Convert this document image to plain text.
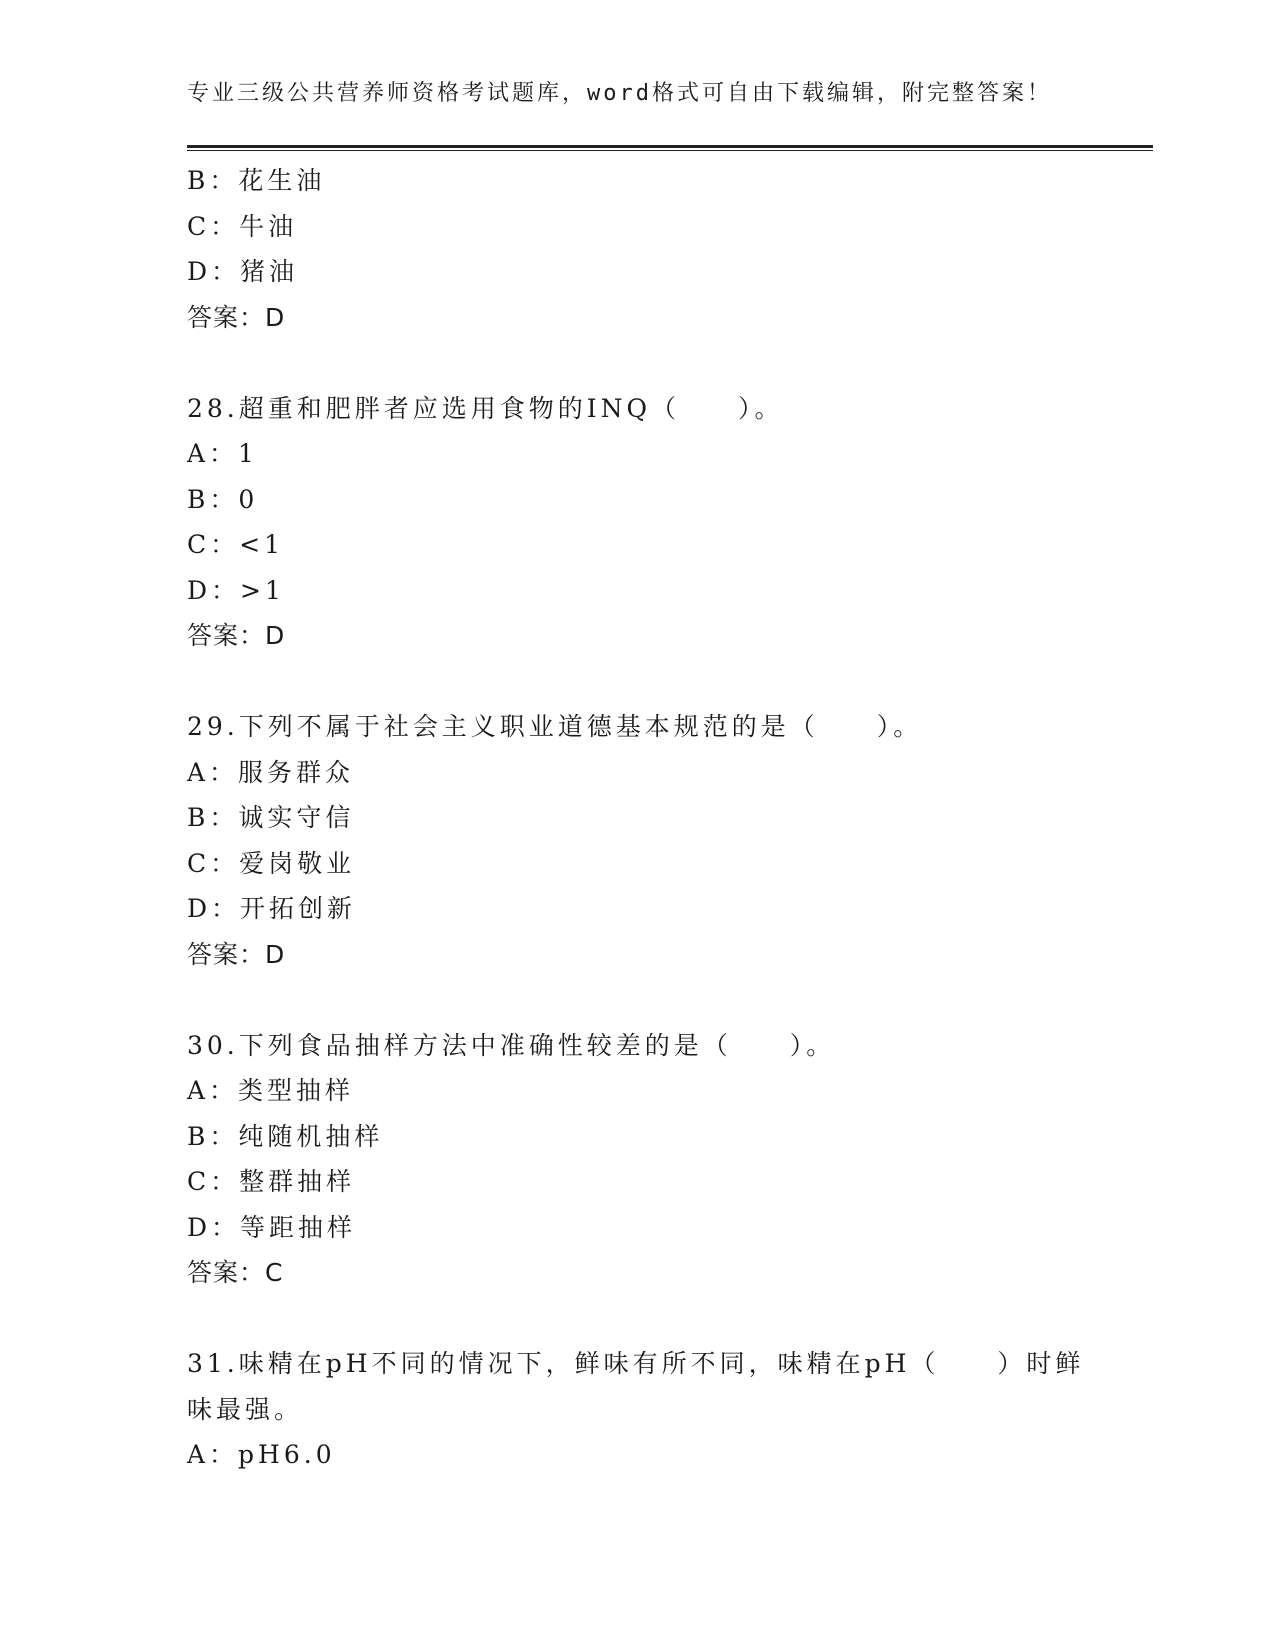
专业三级公共营养师资格考试题库，word格式可自由下载编辑，附完整答案！
B：花生油
C：牛油
D：猪油
答案：D
28.超重和肥胖者应选用食物的INQ（　　）。
A：1
B：0
C：<1
D：>1
答案：D
29.下列不属于社会主义职业道德基本规范的是（　　）。
A：服务群众
B：诚实守信
C：爱岗敬业
D：开拓创新
答案：D
30.下列食品抽样方法中准确性较差的是（　　）。
A：类型抽样
B：纯随机抽样
C：整群抽样
D：等距抽样
答案：C
31.味精在pH不同的情况下，鲜味有所不同，味精在pH（　　）时鲜
味最强。
A：pH6.0
